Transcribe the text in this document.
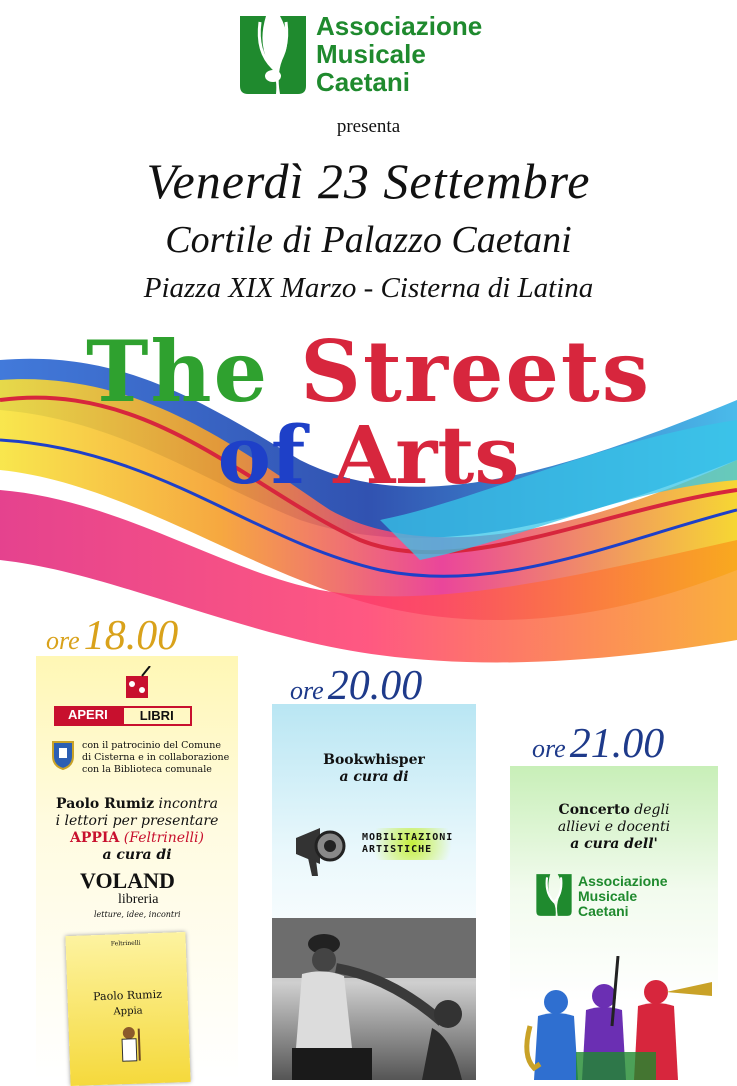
Associazione
Musicale
Caetani
presenta
Venerdì 23 Settembre
Cortile di Palazzo Caetani
Piazza XIX Marzo - Cisterna di Latina
The Streets
of Arts
APERI	LIBRI
con il patrocinio del Comune
di Cisterna e in collaborazione
con la Biblioteca comunale
Paolo Rumiz incontra
i lettori per presentare
APPIA (Feltrinelli)
a cura di
VOLAND
libreria
letture, idee, incontri
Feltrinelli
Paolo Rumiz
Appia
ore 18.00
Bookwhisper
a cura di
MOBILITAZIONI ARTISTICHE
ore 20.00
Concerto degli
allievi e docenti
a cura dell'
Associazione
Musicale
Caetani
ore 21.00
